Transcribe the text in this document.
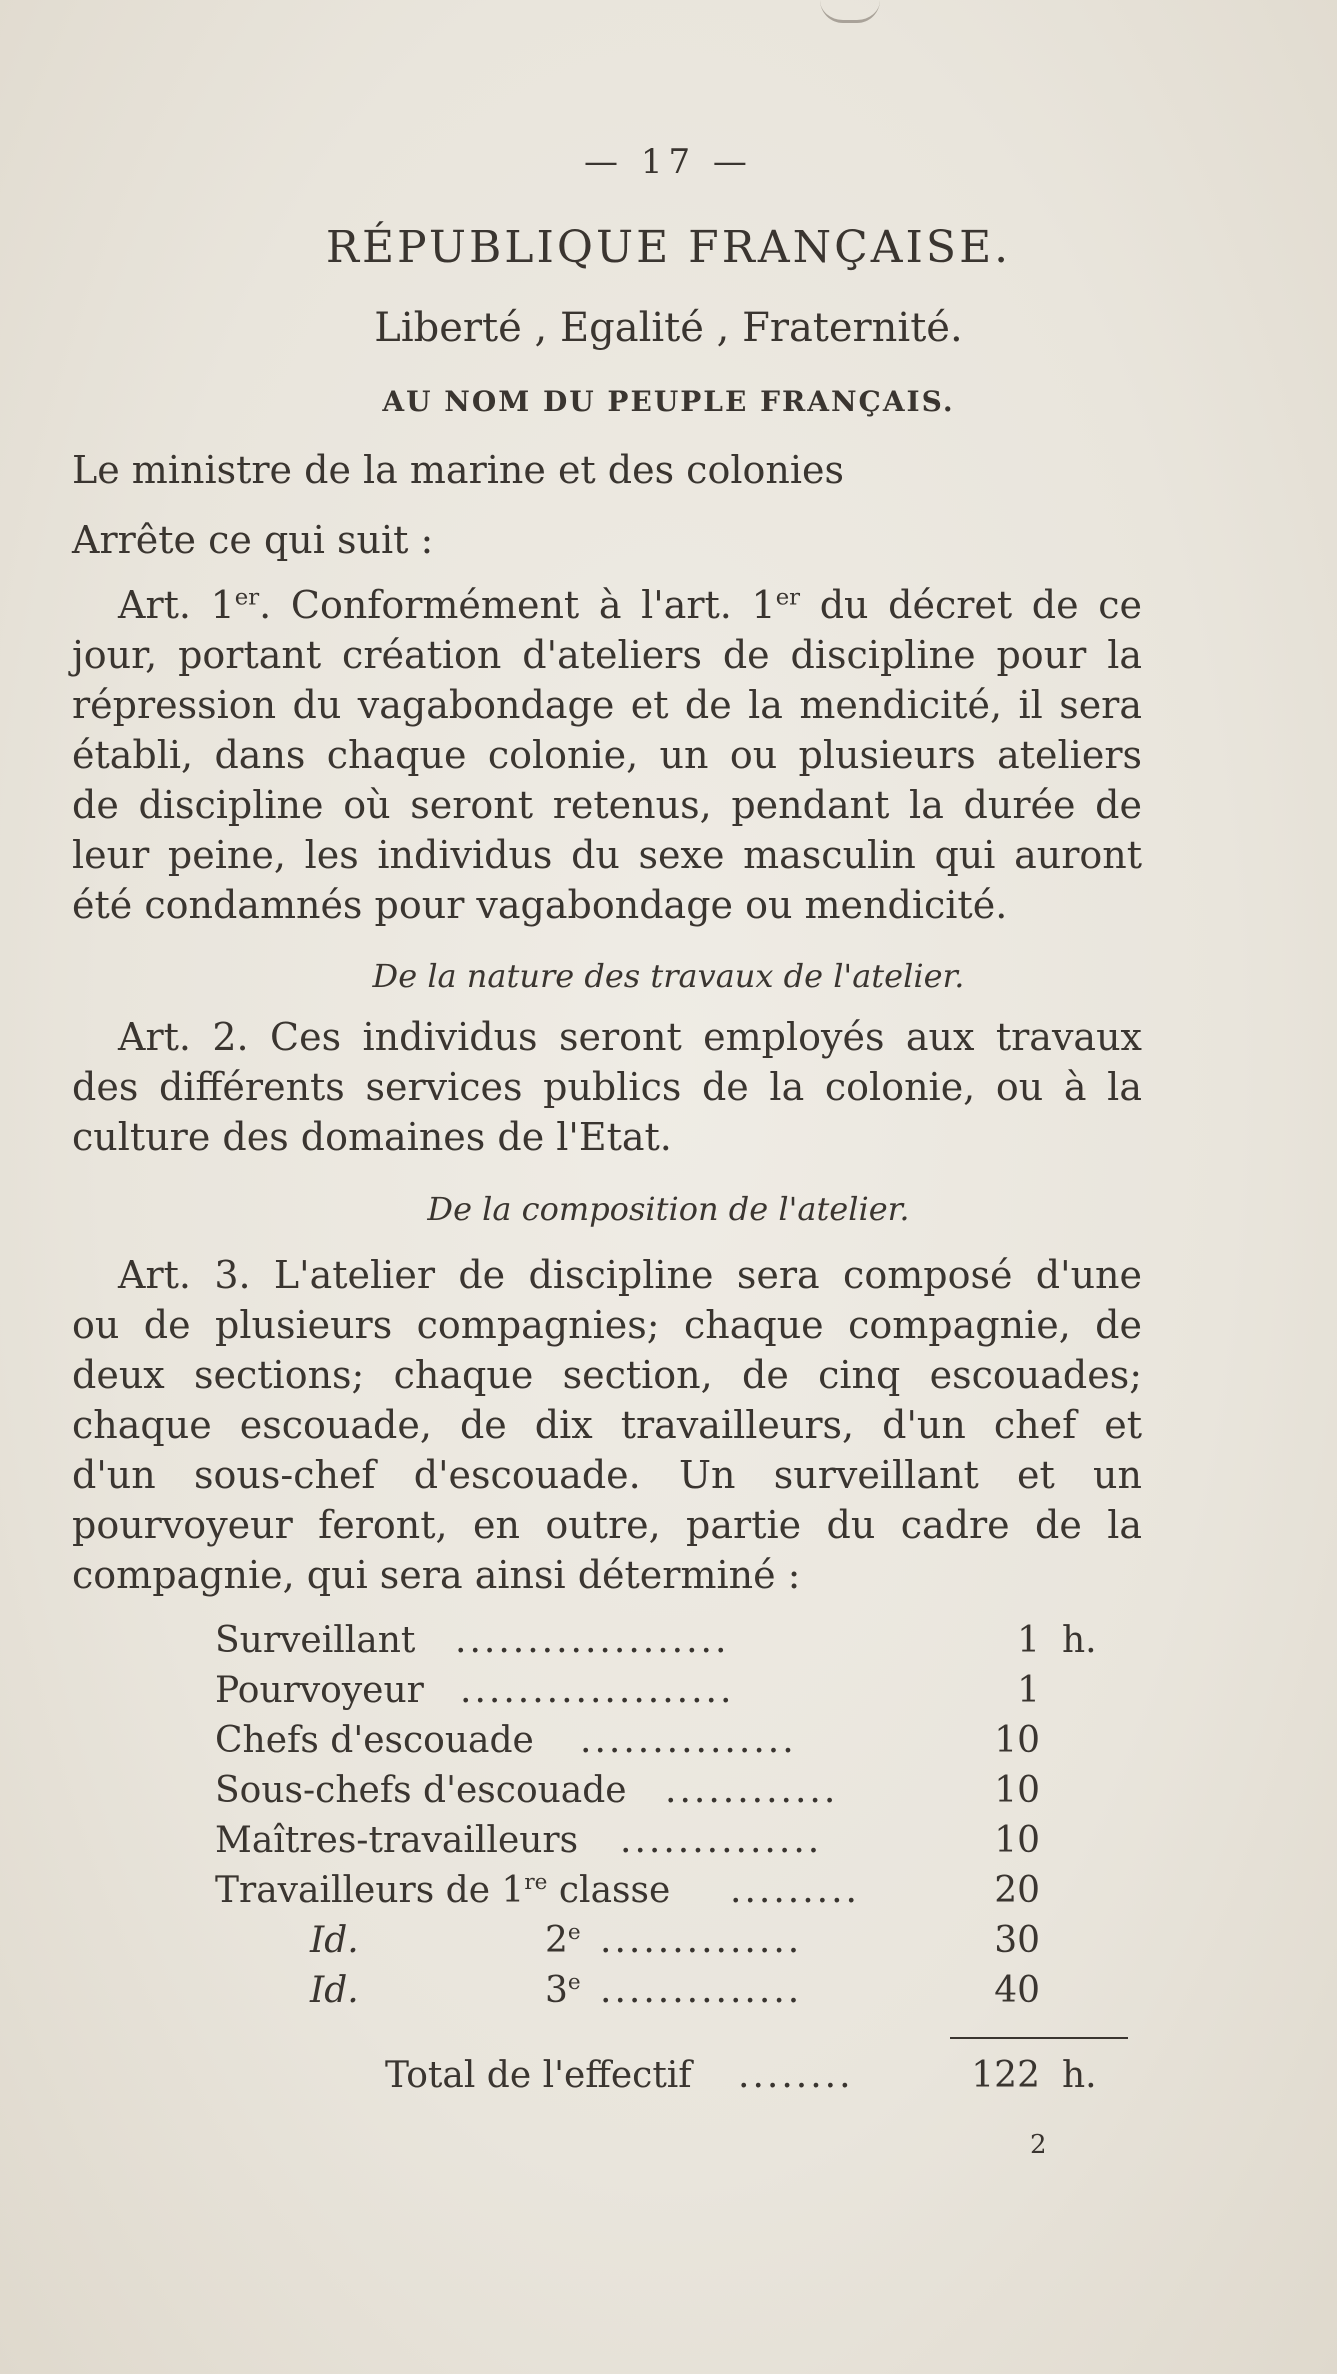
— 17 —
RÉPUBLIQUE FRANÇAISE.
Liberté , Egalité , Fraternité.
AU NOM DU PEUPLE FRANÇAIS.
Le ministre de la marine et des colonies
Arrête ce qui suit :
Art. 1er. Conformément à l'art. 1er du décret de ce
jour, portant création d'ateliers de discipline pour la
répression du vagabondage et de la mendicité, il sera
établi, dans chaque colonie, un ou plusieurs ateliers
de discipline où seront retenus, pendant la durée de
leur peine, les individus du sexe masculin qui auront
été condamnés pour vagabondage ou mendicité.
De la nature des travaux de l'atelier.
Art. 2. Ces individus seront employés aux travaux
des différents services publics de la colonie, ou à la
culture des domaines de l'Etat.
De la composition de l'atelier.
Art. 3. L'atelier de discipline sera composé d'une
ou de plusieurs compagnies; chaque compagnie, de
deux sections; chaque section, de cinq escouades;
chaque escouade, de dix travailleurs, d'un chef et
d'un sous-chef d'escouade. Un surveillant et un
pourvoyeur feront, en outre, partie du cadre de la
compagnie, qui sera ainsi déterminé :
Surveillant ...................	1 h.
Pourvoyeur ...................	1
Chefs d'escouade ...............	10
Sous-chefs d'escouade ............	10
Maîtres-travailleurs ..............	10
Travailleurs de 1re classe .........	20
Id.	2e ..............	30
Id.	3e ..............	40
Total de l'effectif ........	122 h.
2
